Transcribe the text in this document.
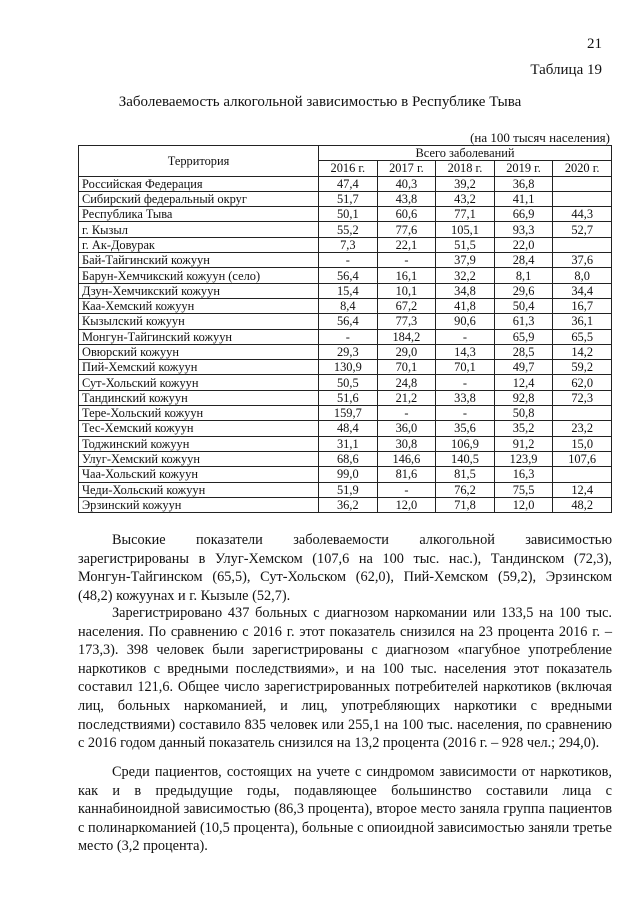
21
Таблица 19
Заболеваемость алкогольной зависимостью в Республике Тыва
(на 100 тысяч населения)
Территория	Всего заболеваний				
	2016 г.	2017 г.	2018 г.	2019 г.	2020 г.
Российская Федерация	47,4	40,3	39,2	36,8	
Сибирский федеральный округ	51,7	43,8	43,2	41,1	
Республика Тыва	50,1	60,6	77,1	66,9	44,3
г. Кызыл	55,2	77,6	105,1	93,3	52,7
г. Ак-Довурак	7,3	22,1	51,5	22,0	
Бай-Тайгинский кожуун	-	-	37,9	28,4	37,6
Барун-Хемчикский кожуун (село)	56,4	16,1	32,2	8,1	8,0
Дзун-Хемчикский кожуун	15,4	10,1	34,8	29,6	34,4
Каа-Хемский кожуун	8,4	67,2	41,8	50,4	16,7
Кызылский кожуун	56,4	77,3	90,6	61,3	36,1
Монгун-Тайгинский кожуун	-	184,2	-	65,9	65,5
Овюрский кожуун	29,3	29,0	14,3	28,5	14,2
Пий-Хемский кожуун	130,9	70,1	70,1	49,7	59,2
Сут-Хольский кожуун	50,5	24,8	-	12,4	62,0
Тандинский кожуун	51,6	21,2	33,8	92,8	72,3
Тере-Хольский кожуун	159,7	-	-	50,8	
Тес-Хемский кожуун	48,4	36,0	35,6	35,2	23,2
Тоджинский кожуун	31,1	30,8	106,9	91,2	15,0
Улуг-Хемский кожуун	68,6	146,6	140,5	123,9	107,6
Чаа-Хольский кожуун	99,0	81,6	81,5	16,3	
Чеди-Хольский кожуун	51,9	-	76,2	75,5	12,4
Эрзинский кожуун	36,2	12,0	71,8	12,0	48,2

Высокие показатели заболеваемости алкогольной зависимостью зарегистрированы в Улуг-Хемском (107,6 на 100 тыс. нас.), Тандинском (72,3), Монгун-Тайгинском (65,5), Сут-Хольском (62,0), Пий-Хемском (59,2), Эрзинском (48,2) кожуунах и г. Кызыле (52,7).

Зарегистрировано 437 больных с диагнозом наркомании или 133,5 на 100 тыс. населения. По сравнению с 2016 г. этот показатель снизился на 23 процента 2016 г. – 173,3). 398 человек были зарегистрированы с диагнозом «пагубное употребление наркотиков с вредными последствиями», и на 100 тыс. населения этот показатель составил 121,6. Общее число зарегистрированных потребителей наркотиков (включая лиц, больных наркоманией, и лиц, употребляющих наркотики с вредными последствиями) составило 835 человек или 255,1 на 100 тыс. населения, по сравнению с 2016 годом данный показатель снизился на 13,2 процента (2016 г. – 928 чел.; 294,0).

Среди пациентов, состоящих на учете с синдромом зависимости от наркотиков, как и в предыдущие годы, подавляющее большинство составили лица с каннабиноидной зависимостью (86,3 процента), второе место заняла группа пациентов с полинаркоманией (10,5 процента), больные с опиоидной зависимостью заняли третье место (3,2 процента).
